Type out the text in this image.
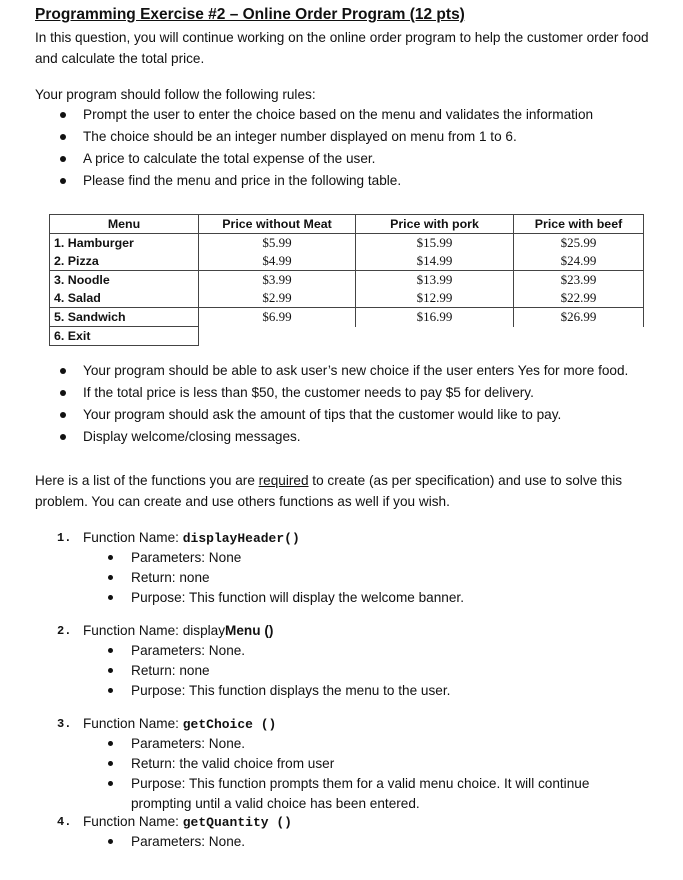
Programming Exercise #2 – Online Order Program (12 pts)
In this question, you will continue working on the online order program to help the customer order food and calculate the total price.
Your program should follow the following rules:
Prompt the user to enter the choice based on the menu and validates the information
The choice should be an integer number displayed on menu from 1 to 6.
A price to calculate the total expense of the user.
Please find the menu and price in the following table.
Menu	Price without Meat	Price with pork	Price with beef
1. Hamburger	$5.99	$15.99	$25.99
2. Pizza	$4.99	$14.99	$24.99
3. Noodle	$3.99	$13.99	$23.99
4. Salad	$2.99	$12.99	$22.99
5. Sandwich	$6.99	$16.99	$26.99
6. Exit			
Your program should be able to ask user’s new choice if the user enters Yes for more food.
If the total price is less than $50, the customer needs to pay $5 for delivery.
Your program should ask the amount of tips that the customer would like to pay.
Display welcome/closing messages.
Here is a list of the functions you are required to create (as per specification) and use to solve this problem. You can create and use others functions as well if you wish.
1. Function Name: displayHeader()
Parameters: None
Return: none
Purpose: This function will display the welcome banner.
2. Function Name: displayMenu ()
Parameters: None.
Return: none
Purpose: This function displays the menu to the user.
3. Function Name: getChoice ()
Parameters: None.
Return: the valid choice from user
Purpose: This function prompts them for a valid menu choice. It will continue prompting until a valid choice has been entered.
4. Function Name: getQuantity ()
Parameters: None.
